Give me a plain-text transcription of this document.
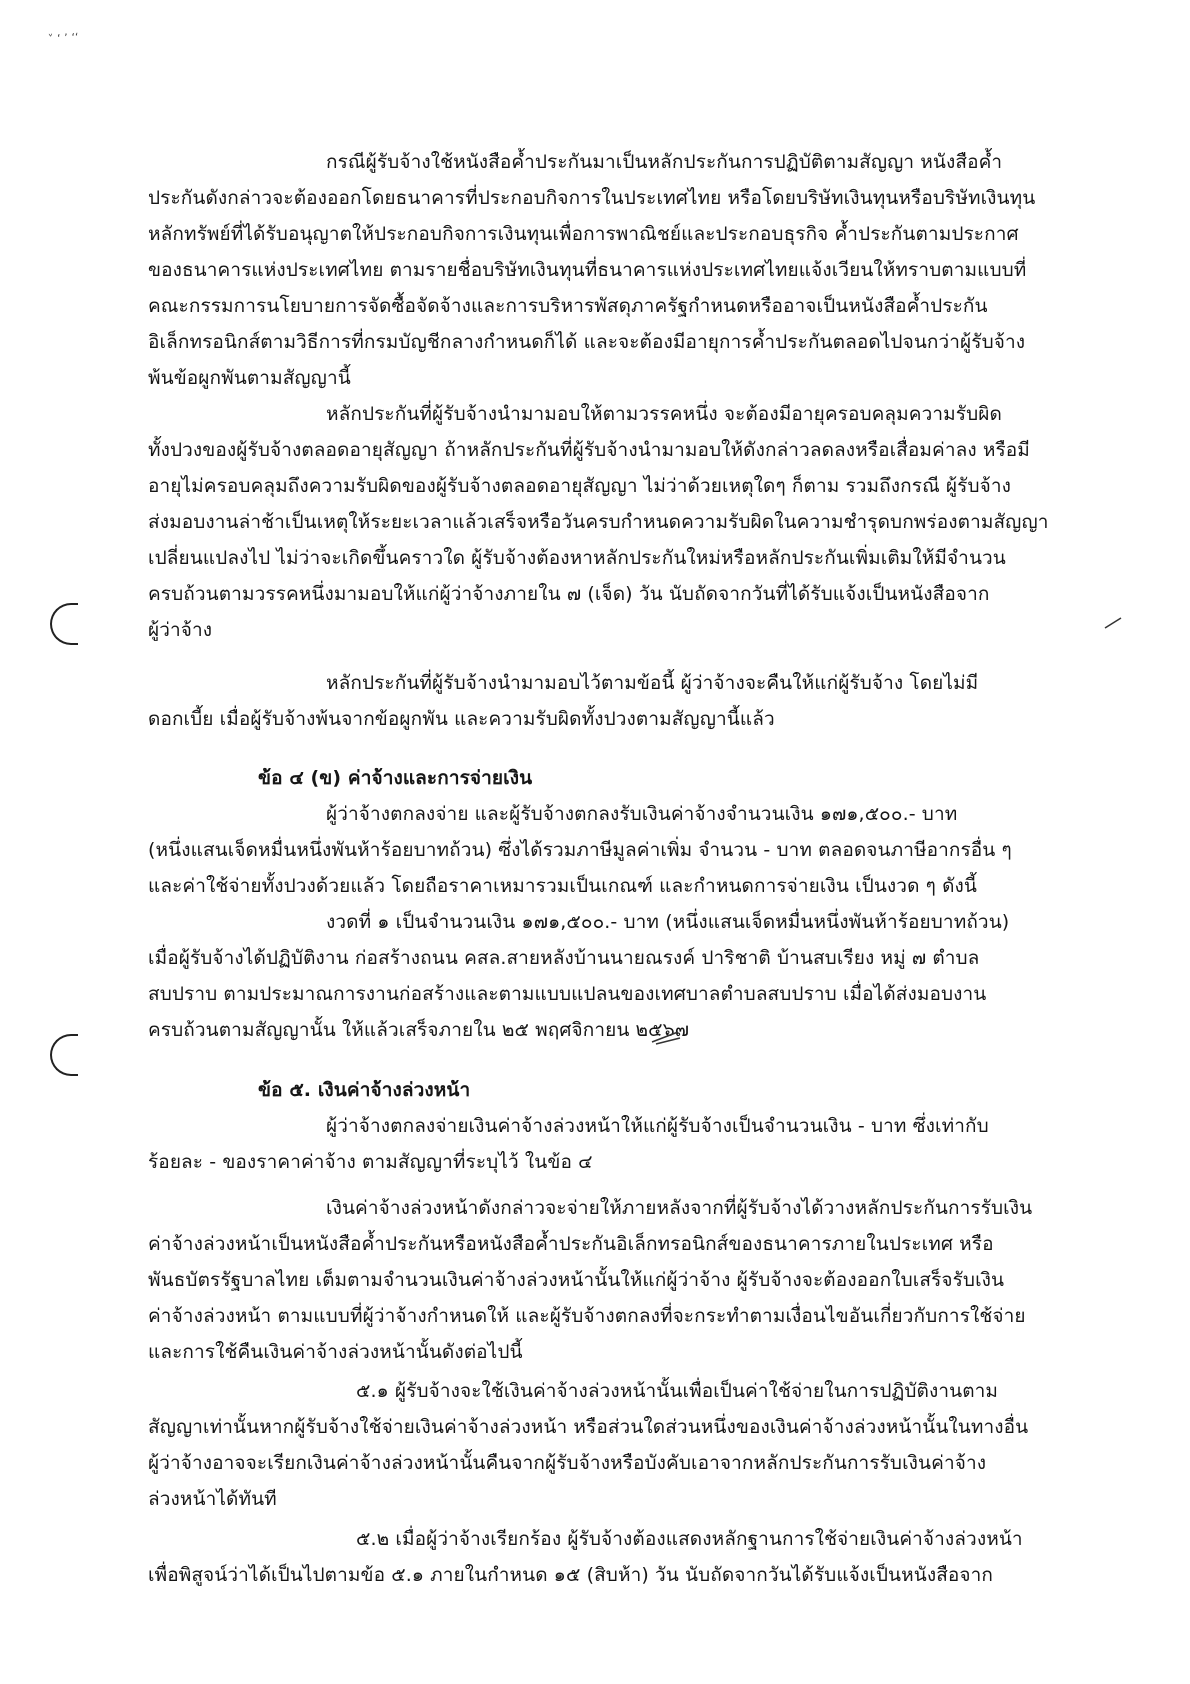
˅ ʻ ʼ ʻʻ
กรณีผู้รับจ้างใช้หนังสือค้ำประกันมาเป็นหลักประกันการปฏิบัติตามสัญญา หนังสือค้ำ
ประกันดังกล่าวจะต้องออกโดยธนาคารที่ประกอบกิจการในประเทศไทย หรือโดยบริษัทเงินทุนหรือบริษัทเงินทุน
หลักทรัพย์ที่ได้รับอนุญาตให้ประกอบกิจการเงินทุนเพื่อการพาณิชย์และประกอบธุรกิจ ค้ำประกันตามประกาศ
ของธนาคารแห่งประเทศไทย ตามรายชื่อบริษัทเงินทุนที่ธนาคารแห่งประเทศไทยแจ้งเวียนให้ทราบตามแบบที่
คณะกรรมการนโยบายการจัดซื้อจัดจ้างและการบริหารพัสดุภาครัฐกำหนดหรืออาจเป็นหนังสือค้ำประกัน
อิเล็กทรอนิกส์ตามวิธีการที่กรมบัญชีกลางกำหนดก็ได้ และจะต้องมีอายุการค้ำประกันตลอดไปจนกว่าผู้รับจ้าง
พ้นข้อผูกพันตามสัญญานี้
หลักประกันที่ผู้รับจ้างนำมามอบให้ตามวรรคหนึ่ง จะต้องมีอายุครอบคลุมความรับผิด
ทั้งปวงของผู้รับจ้างตลอดอายุสัญญา ถ้าหลักประกันที่ผู้รับจ้างนำมามอบให้ดังกล่าวลดลงหรือเสื่อมค่าลง หรือมี
อายุไม่ครอบคลุมถึงความรับผิดของผู้รับจ้างตลอดอายุสัญญา ไม่ว่าด้วยเหตุใดๆ ก็ตาม รวมถึงกรณี ผู้รับจ้าง
ส่งมอบงานล่าช้าเป็นเหตุให้ระยะเวลาแล้วเสร็จหรือวันครบกำหนดความรับผิดในความชำรุดบกพร่องตามสัญญา
เปลี่ยนแปลงไป ไม่ว่าจะเกิดขึ้นคราวใด ผู้รับจ้างต้องหาหลักประกันใหม่หรือหลักประกันเพิ่มเติมให้มีจำนวน
ครบถ้วนตามวรรคหนึ่งมามอบให้แก่ผู้ว่าจ้างภายใน ๗ (เจ็ด) วัน นับถัดจากวันที่ได้รับแจ้งเป็นหนังสือจาก
ผู้ว่าจ้าง
หลักประกันที่ผู้รับจ้างนำมามอบไว้ตามข้อนี้ ผู้ว่าจ้างจะคืนให้แก่ผู้รับจ้าง โดยไม่มี
ดอกเบี้ย เมื่อผู้รับจ้างพ้นจากข้อผูกพัน และความรับผิดทั้งปวงตามสัญญานี้แล้ว
ข้อ ๔ (ข) ค่าจ้างและการจ่ายเงิน
ผู้ว่าจ้างตกลงจ่าย และผู้รับจ้างตกลงรับเงินค่าจ้างจำนวนเงิน ๑๗๑,๕๐๐.- บาท
(หนึ่งแสนเจ็ดหมื่นหนึ่งพันห้าร้อยบาทถ้วน) ซึ่งได้รวมภาษีมูลค่าเพิ่ม จำนวน - บาท ตลอดจนภาษีอากรอื่น ๆ
และค่าใช้จ่ายทั้งปวงด้วยแล้ว โดยถือราคาเหมารวมเป็นเกณฑ์ และกำหนดการจ่ายเงิน เป็นงวด ๆ ดังนี้
งวดที่ ๑ เป็นจำนวนเงิน ๑๗๑,๕๐๐.- บาท (หนึ่งแสนเจ็ดหมื่นหนึ่งพันห้าร้อยบาทถ้วน)
เมื่อผู้รับจ้างได้ปฏิบัติงาน ก่อสร้างถนน คสล.สายหลังบ้านนายณรงค์ ปาริชาติ บ้านสบเรียง หมู่ ๗ ตำบล
สบปราบ ตามประมาณการงานก่อสร้างและตามแบบแปลนของเทศบาลตำบลสบปราบ เมื่อได้ส่งมอบงาน
ครบถ้วนตามสัญญานั้น ให้แล้วเสร็จภายใน ๒๕ พฤศจิกายน ๒๕๖๗
ข้อ ๕. เงินค่าจ้างล่วงหน้า
ผู้ว่าจ้างตกลงจ่ายเงินค่าจ้างล่วงหน้าให้แก่ผู้รับจ้างเป็นจำนวนเงิน - บาท ซึ่งเท่ากับ
ร้อยละ - ของราคาค่าจ้าง ตามสัญญาที่ระบุไว้ ในข้อ ๔
เงินค่าจ้างล่วงหน้าดังกล่าวจะจ่ายให้ภายหลังจากที่ผู้รับจ้างได้วางหลักประกันการรับเงิน
ค่าจ้างล่วงหน้าเป็นหนังสือค้ำประกันหรือหนังสือค้ำประกันอิเล็กทรอนิกส์ของธนาคารภายในประเทศ หรือ
พันธบัตรรัฐบาลไทย เต็มตามจำนวนเงินค่าจ้างล่วงหน้านั้นให้แก่ผู้ว่าจ้าง ผู้รับจ้างจะต้องออกใบเสร็จรับเงิน
ค่าจ้างล่วงหน้า ตามแบบที่ผู้ว่าจ้างกำหนดให้ และผู้รับจ้างตกลงที่จะกระทำตามเงื่อนไขอันเกี่ยวกับการใช้จ่าย
และการใช้คืนเงินค่าจ้างล่วงหน้านั้นดังต่อไปนี้
๕.๑ ผู้รับจ้างจะใช้เงินค่าจ้างล่วงหน้านั้นเพื่อเป็นค่าใช้จ่ายในการปฏิบัติงานตาม
สัญญาเท่านั้นหากผู้รับจ้างใช้จ่ายเงินค่าจ้างล่วงหน้า หรือส่วนใดส่วนหนึ่งของเงินค่าจ้างล่วงหน้านั้นในทางอื่น
ผู้ว่าจ้างอาจจะเรียกเงินค่าจ้างล่วงหน้านั้นคืนจากผู้รับจ้างหรือบังคับเอาจากหลักประกันการรับเงินค่าจ้าง
ล่วงหน้าได้ทันที
๕.๒ เมื่อผู้ว่าจ้างเรียกร้อง ผู้รับจ้างต้องแสดงหลักฐานการใช้จ่ายเงินค่าจ้างล่วงหน้า
เพื่อพิสูจน์ว่าได้เป็นไปตามข้อ ๕.๑ ภายในกำหนด ๑๕ (สิบห้า) วัน นับถัดจากวันได้รับแจ้งเป็นหนังสือจาก
